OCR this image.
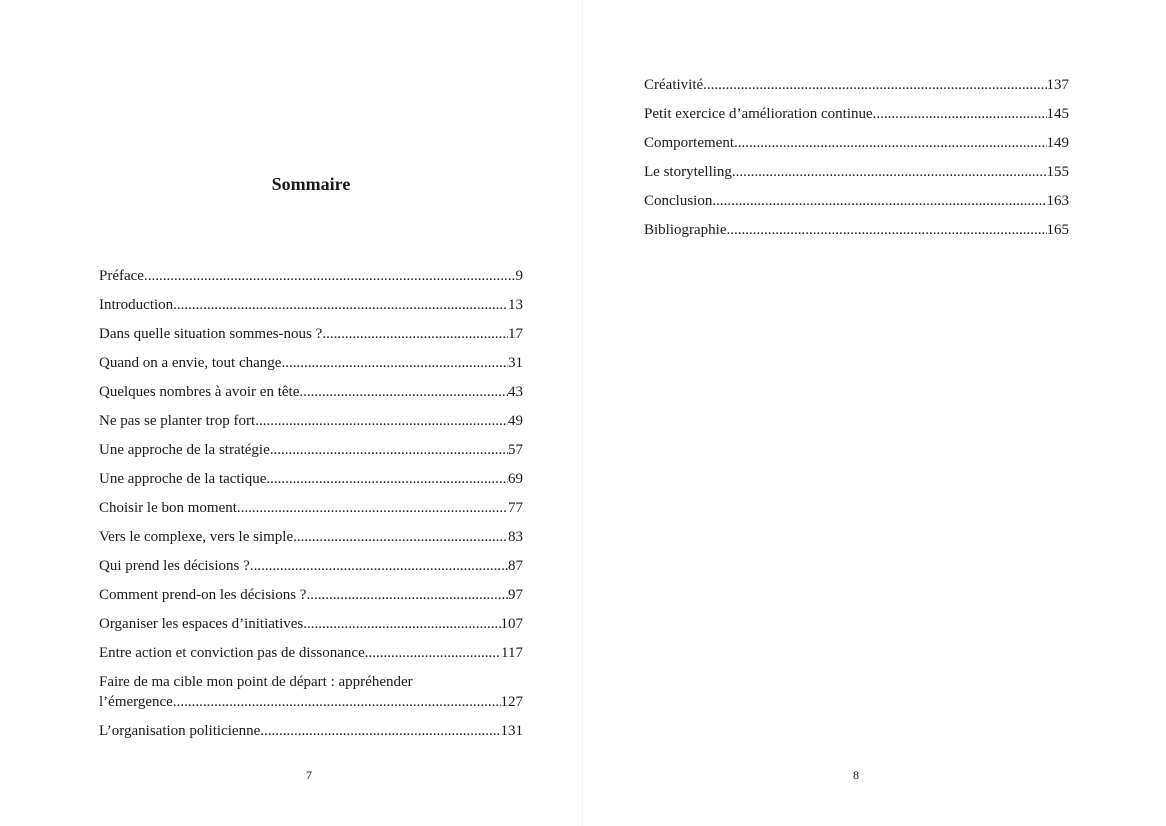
Sommaire
Préface .....	9
Introduction .....	13
Dans quelle situation sommes-nous ? .....	17
Quand on a envie, tout change .....	31
Quelques nombres à avoir en tête .....	43
Ne pas se planter trop fort .....	49
Une approche de la stratégie .....	57
Une approche de la tactique .....	69
Choisir le bon moment .....	77
Vers le complexe, vers le simple .....	83
Qui prend les décisions ? .....	87
Comment prend-on les décisions ? .....	97
Organiser les espaces d’initiatives .....	107
Entre action et conviction pas de dissonance .....	117
Faire de ma cible mon point de départ : appréhender
l’émergence .....	127
L’organisation politicienne .....	131
7
Créativité .....	137
Petit exercice d’amélioration continue .....	145
Comportement .....	149
Le storytelling .....	155
Conclusion .....	163
Bibliographie .....	165
8
